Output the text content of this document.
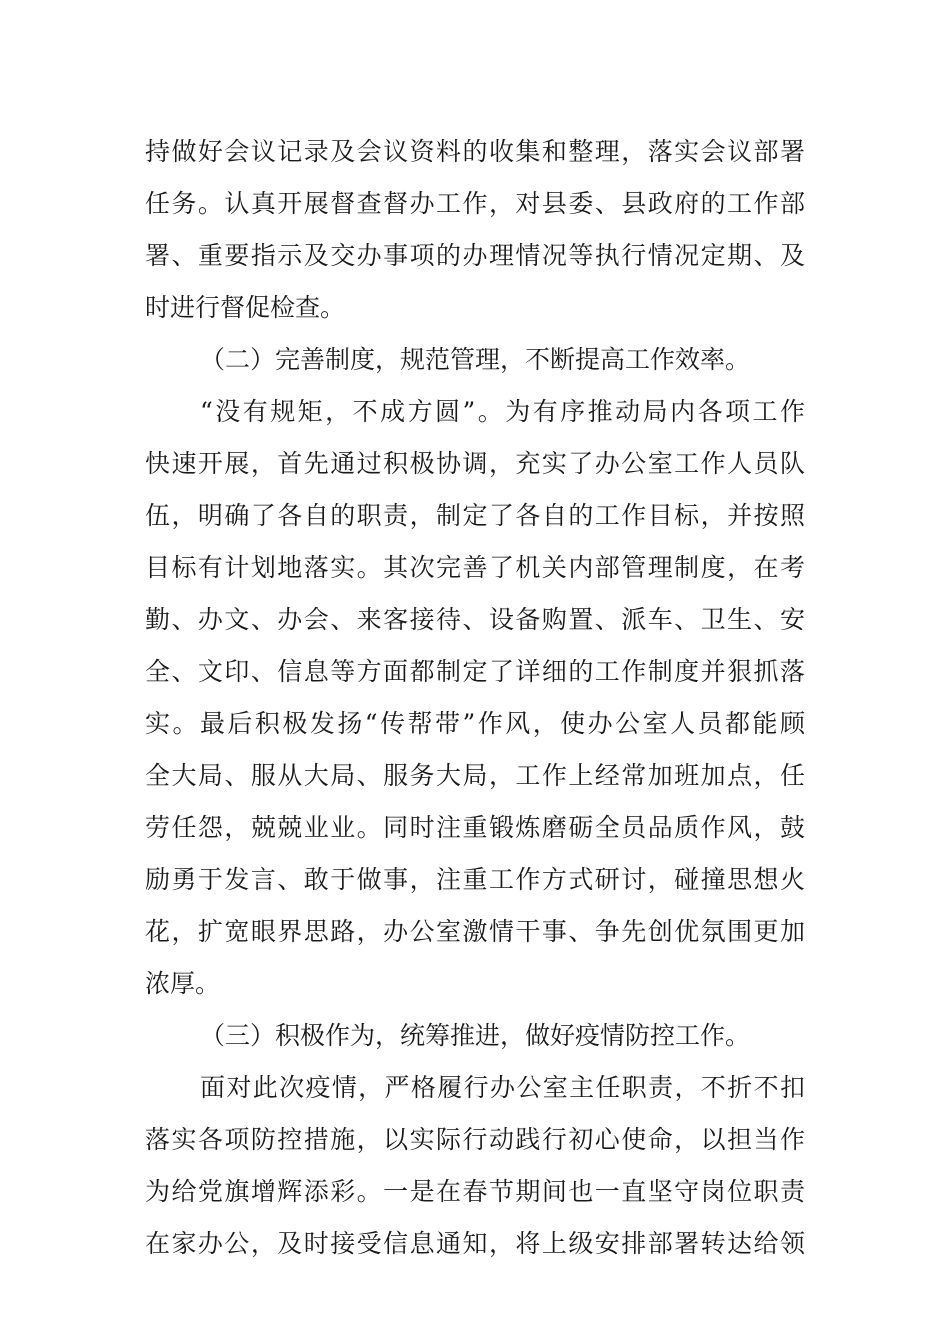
持做好会议记录及会议资料的收集和整理，落实会议部署
任务。认真开展督查督办工作，对县委、县政府的工作部
署、重要指示及交办事项的办理情况等执行情况定期、及
时进行督促检查。
（二）完善制度，规范管理，不断提高工作效率。
“没有规矩，不成方圆”。为有序推动局内各项工作
快速开展，首先通过积极协调，充实了办公室工作人员队
伍，明确了各自的职责，制定了各自的工作目标，并按照
目标有计划地落实。其次完善了机关内部管理制度，在考
勤、办文、办会、来客接待、设备购置、派车、卫生、安
全、文印、信息等方面都制定了详细的工作制度并狠抓落
实。最后积极发扬“传帮带”作风，使办公室人员都能顾
全大局、服从大局、服务大局，工作上经常加班加点，任
劳任怨，兢兢业业。同时注重锻炼磨砺全员品质作风，鼓
励勇于发言、敢于做事，注重工作方式研讨，碰撞思想火
花，扩宽眼界思路，办公室激情干事、争先创优氛围更加
浓厚。
（三）积极作为，统筹推进，做好疫情防控工作。
面对此次疫情，严格履行办公室主任职责，不折不扣
落实各项防控措施，以实际行动践行初心使命，以担当作
为给党旗增辉添彩。一是在春节期间也一直坚守岗位职责
在家办公，及时接受信息通知，将上级安排部署转达给领
